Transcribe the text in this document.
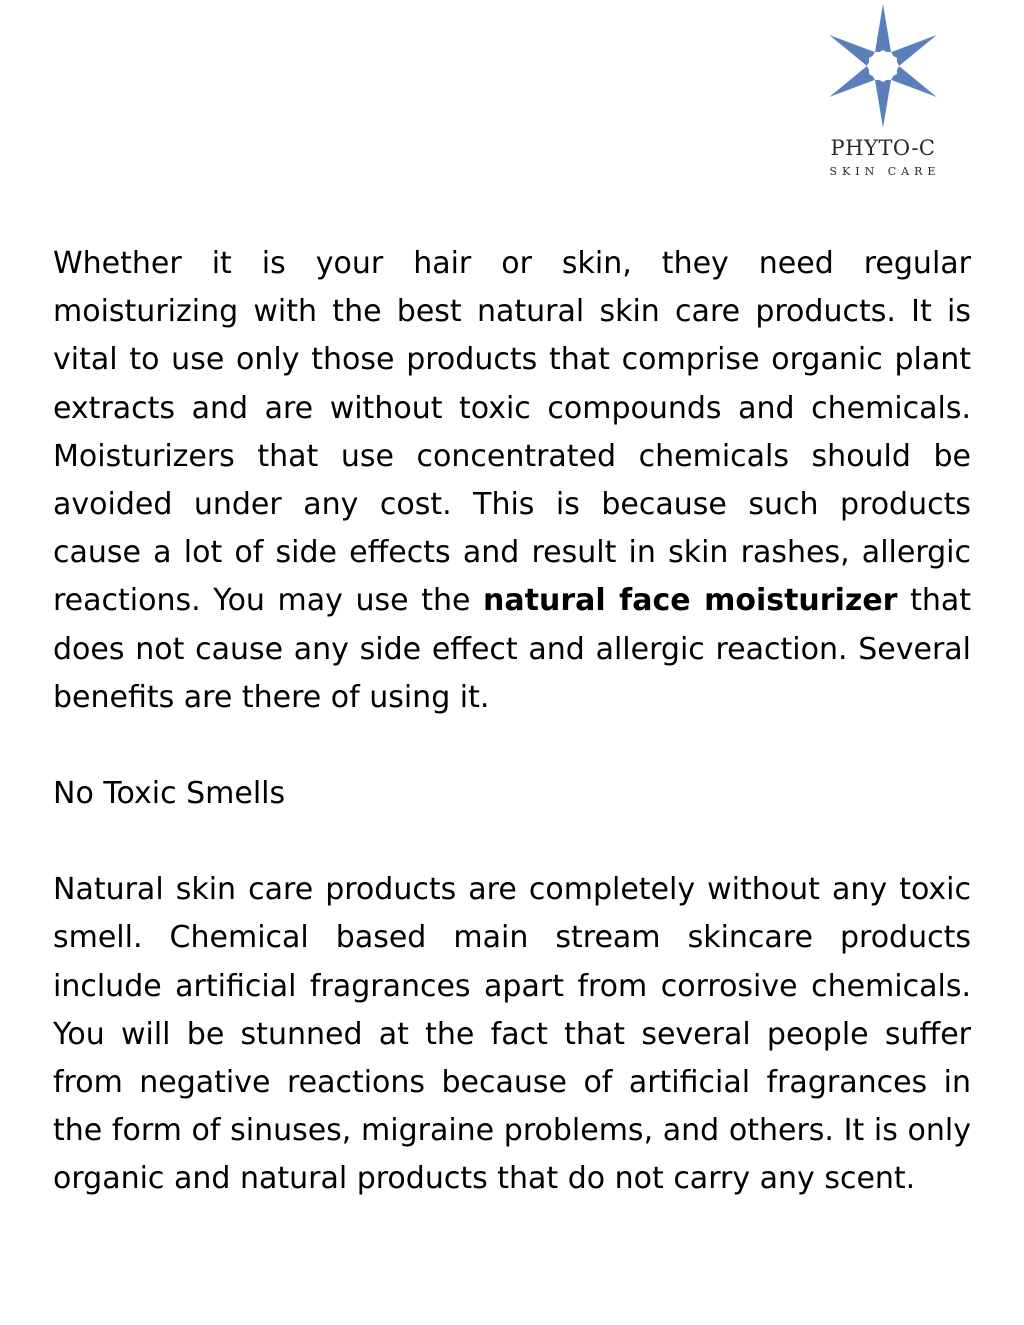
PHYTO-C
SKIN CARE

Whether it is your hair or skin, they need regular moisturizing with the best natural skin care products. It is vital to use only those products that comprise organic plant extracts and are without toxic compounds and chemicals. Moisturizers that use concentrated chemicals should be avoided under any cost. This is because such products cause a lot of side effects and result in skin rashes, allergic reactions. You may use the natural face moisturizer that does not cause any side effect and allergic reaction. Several benefits are there of using it.

No Toxic Smells

Natural skin care products are completely without any toxic smell. Chemical based main stream skincare products include artificial fragrances apart from corrosive chemicals. You will be stunned at the fact that several people suffer from negative reactions because of artificial fragrances in the form of sinuses, migraine problems, and others. It is only organic and natural products that do not carry any scent.
